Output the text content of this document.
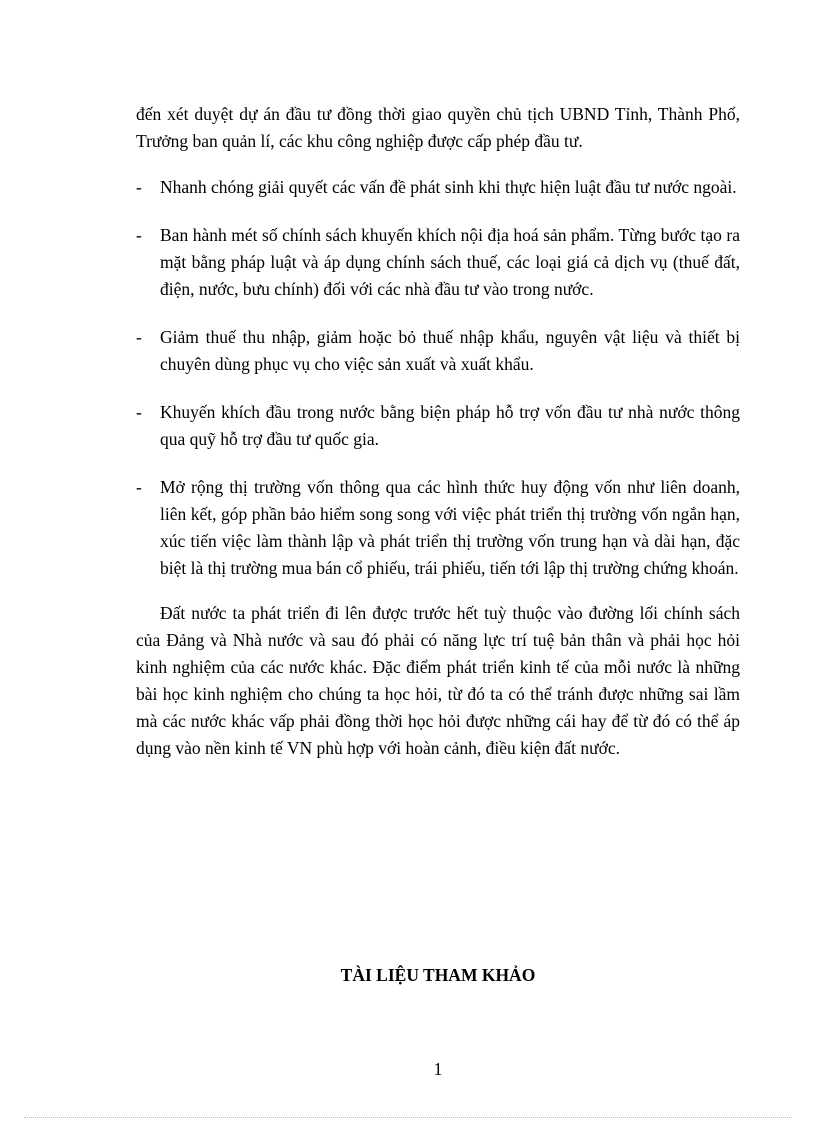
đến xét duyệt dự án đầu tư đồng thời giao quyền chủ tịch UBND Tỉnh, Thành Phố, Trưởng ban quản lí, các khu công nghiệp được cấp phép đầu tư.

- Nhanh chóng giải quyết các vấn đề phát sinh khi thực hiện luật đầu tư nước ngoài.

- Ban hành mét số chính sách khuyến khích nội địa hoá sản phẩm. Từng bước tạo ra mặt bằng pháp luật và áp dụng chính sách thuế, các loại giá cả dịch vụ (thuế đất, điện, nước, bưu chính) đối với các nhà đầu tư vào trong nước.

- Giảm thuế thu nhập, giảm hoặc bỏ thuế nhập khẩu, nguyên vật liệu và thiết bị chuyên dùng phục vụ cho việc sản xuất và xuất khẩu.

- Khuyến khích đầu trong nước bằng biện pháp hỗ trợ vốn đầu tư nhà nước thông qua quỹ hỗ trợ đầu tư quốc gia.

- Mở rộng thị trường vốn thông qua các hình thức huy động vốn như liên doanh, liên kết, góp phần bảo hiểm song song với việc phát triển thị trường vốn ngắn hạn, xúc tiến việc làm thành lập và phát triển thị trường vốn trung hạn và dài hạn, đặc biệt là thị trường mua bán cổ phiếu, trái phiếu, tiến tới lập thị trường chứng khoán.

Đất nước ta phát triển đi lên được trước hết tuỳ thuộc vào đường lối chính sách của Đảng và Nhà nước và sau đó phải có năng lực trí tuệ bản thân và phải học hỏi kinh nghiệm của các nước khác. Đặc điểm phát triển kinh tế của mỗi nước là những bài học kinh nghiệm cho chúng ta học hỏi, từ đó ta có thể tránh được những sai lầm mà các nước khác vấp phải đồng thời học hỏi được những cái hay để từ đó có thể áp dụng vào nền kinh tế VN phù hợp với hoàn cảnh, điều kiện đất nước.

TÀI LIỆU THAM KHẢO
1
